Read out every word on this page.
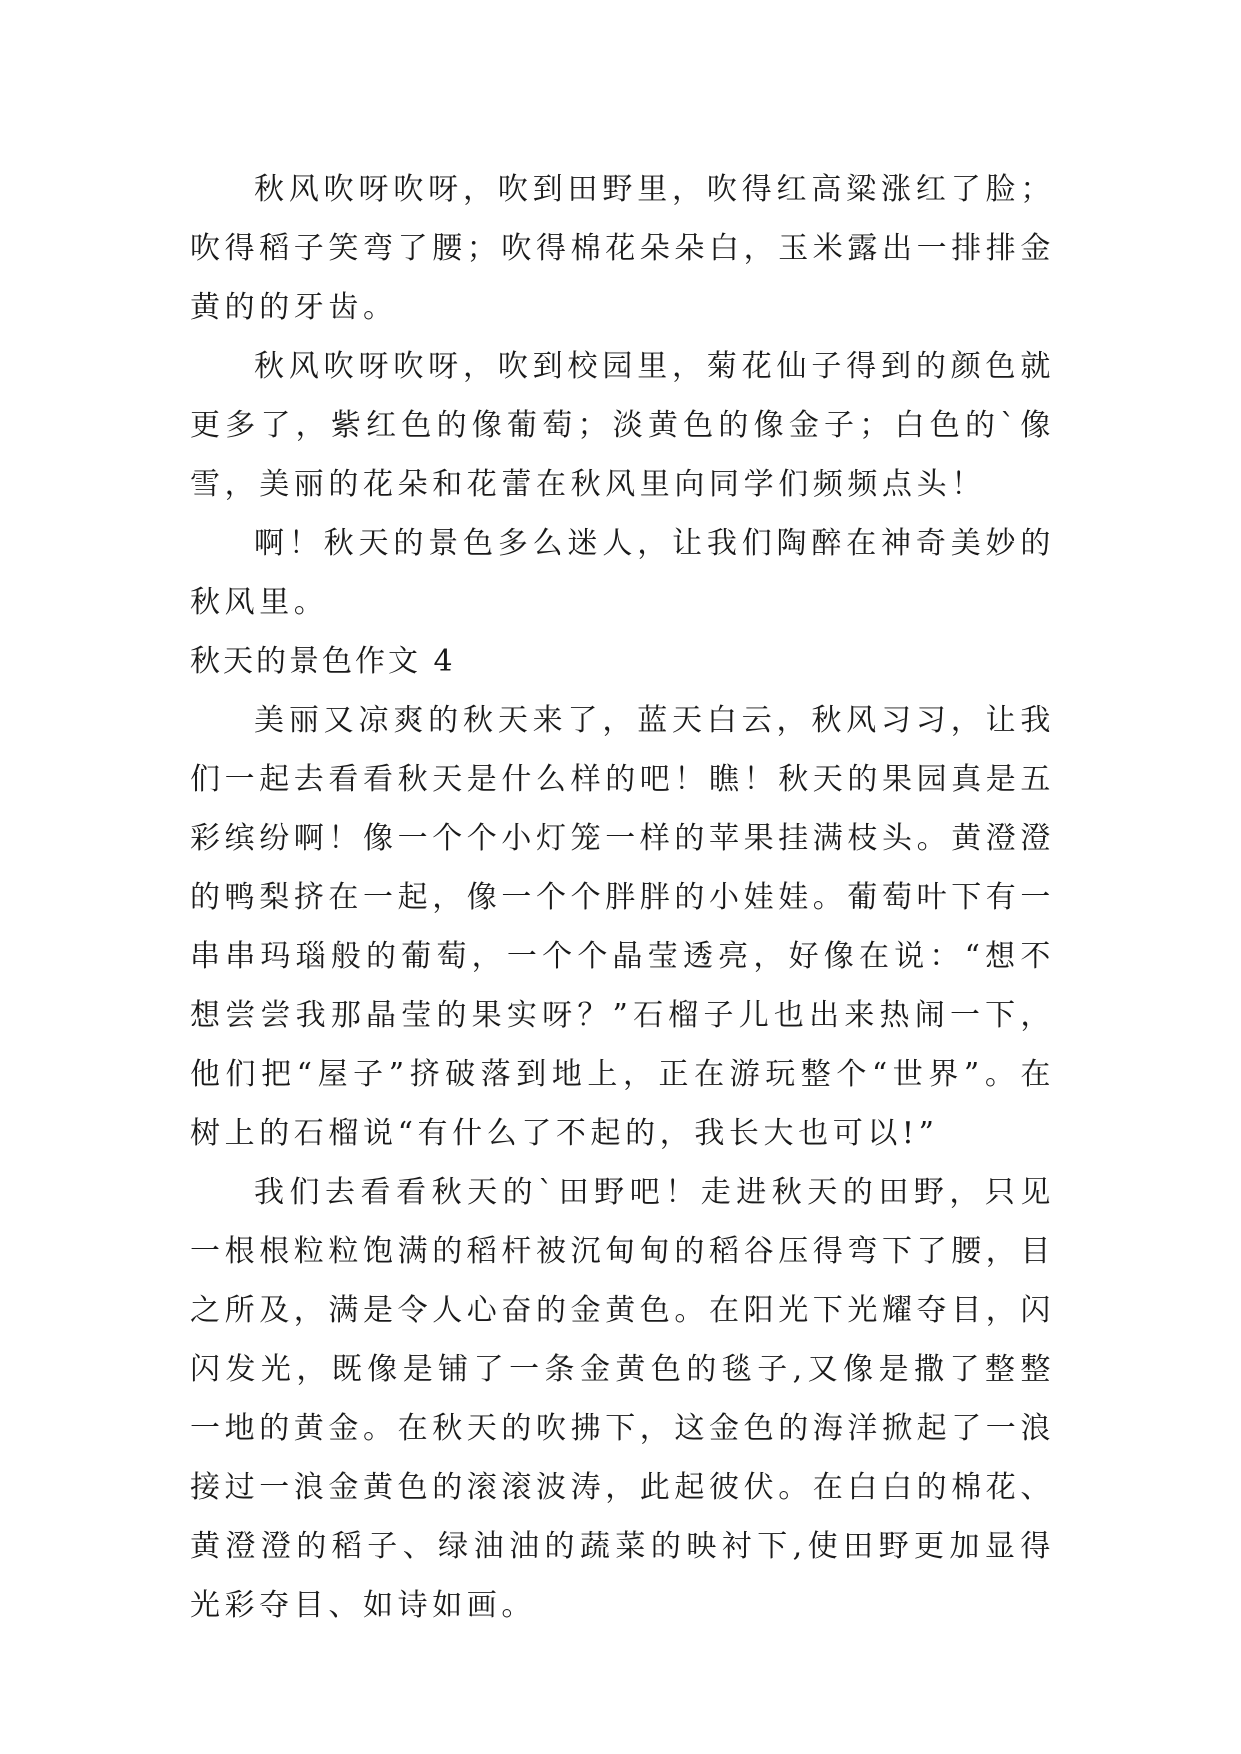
秋风吹呀吹呀，吹到田野里，吹得红高粱涨红了脸；吹得稻子笑弯了腰；吹得棉花朵朵白，玉米露出一排排金黄的的牙齿。

秋风吹呀吹呀，吹到校园里，菊花仙子得到的颜色就更多了，紫红色的像葡萄；淡黄色的像金子；白色的`像雪，美丽的花朵和花蕾在秋风里向同学们频频点头！

啊！秋天的景色多么迷人，让我们陶醉在神奇美妙的秋风里。

秋天的景色作文 4

美丽又凉爽的秋天来了，蓝天白云，秋风习习，让我们一起去看看秋天是什么样的吧！瞧！秋天的果园真是五彩缤纷啊！像一个个小灯笼一样的苹果挂满枝头。黄澄澄的鸭梨挤在一起，像一个个胖胖的小娃娃。葡萄叶下有一串串玛瑙般的葡萄，一个个晶莹透亮，好像在说：“想不想尝尝我那晶莹的果实呀？”石榴子儿也出来热闹一下，他们把“屋子”挤破落到地上，正在游玩整个“世界”。在树上的石榴说“有什么了不起的，我长大也可以!”

我们去看看秋天的`田野吧！走进秋天的田野，只见一根根粒粒饱满的稻杆被沉甸甸的稻谷压得弯下了腰，目之所及，满是令人心奋的金黄色。在阳光下光耀夺目，闪闪发光，既像是铺了一条金黄色的毯子,又像是撒了整整一地的黄金。在秋天的吹拂下，这金色的海洋掀起了一浪接过一浪金黄色的滚滚波涛，此起彼伏。在白白的棉花、黄澄澄的稻子、绿油油的蔬菜的映衬下,使田野更加显得光彩夺目、如诗如画。
